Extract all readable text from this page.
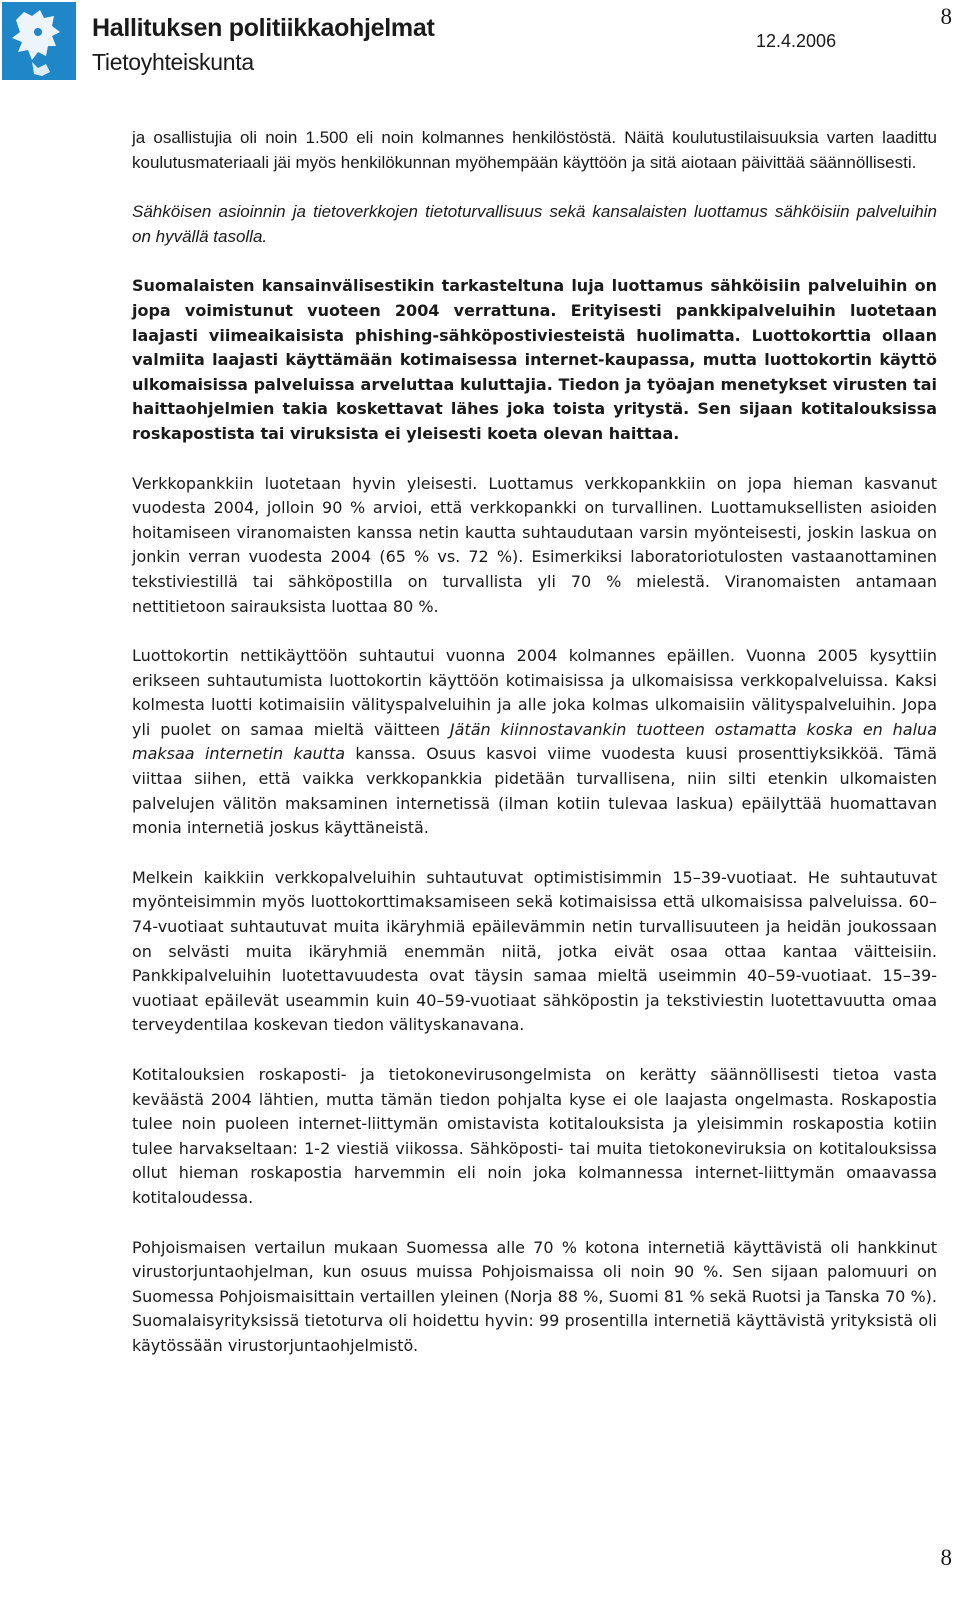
Hallituksen politiikkaohjelmat
Tietoyhteiskunta
12.4.2006
8

ja osallistujia oli noin 1.500 eli noin kolmannes henkilöstöstä. Näitä koulutustilaisuuksia varten laadittu koulutusmateriaali jäi myös henkilökunnan myöhempään käyttöön ja sitä aiotaan päivittää säännöllisesti.

Sähköisen asioinnin ja tietoverkkojen tietoturvallisuus sekä kansalaisten luottamus sähköisiin palveluihin on hyvällä tasolla.

Suomalaisten kansainvälisestikin tarkasteltuna luja luottamus sähköisiin palveluihin on jopa voimistunut vuoteen 2004 verrattuna. Erityisesti pankkipalveluihin luotetaan laajasti viimeaikaisista phishing-sähköpostiviesteistä huolimatta. Luottokorttia ollaan valmiita laajasti käyttämään kotimaisessa internet-kaupassa, mutta luottokortin käyttö ulkomaisissa palveluissa arveluttaa kuluttajia. Tiedon ja työajan menetykset virusten tai haittaohjelmien takia koskettavat lähes joka toista yritystä. Sen sijaan kotitalouksissa roskapostista tai viruksista ei yleisesti koeta olevan haittaa.

Verkkopankkiin luotetaan hyvin yleisesti. Luottamus verkkopankkiin on jopa hieman kasvanut vuodesta 2004, jolloin 90 % arvioi, että verkkopankki on turvallinen. Luottamuksellisten asioiden hoitamiseen viranomaisten kanssa netin kautta suhtaudutaan varsin myönteisesti, joskin laskua on jonkin verran vuodesta 2004 (65 % vs. 72 %). Esimerkiksi laboratoriotulosten vastaanottaminen tekstiviestillä tai sähköpostilla on turvallista yli 70 % mielestä. Viranomaisten antamaan nettitietoon sairauksista luottaa 80 %.

Luottokortin nettikäyttöön suhtautui vuonna 2004 kolmannes epäillen. Vuonna 2005 kysyttiin erikseen suhtautumista luottokortin käyttöön kotimaisissa ja ulkomaisissa verkkopalveluissa. Kaksi kolmesta luotti kotimaisiin välityspalveluihin ja alle joka kolmas ulkomaisiin välityspalveluihin. Jopa yli puolet on samaa mieltä väitteen Jätän kiinnostavankin tuotteen ostamatta koska en halua maksaa internetin kautta kanssa. Osuus kasvoi viime vuodesta kuusi prosenttiyksikköä. Tämä viittaa siihen, että vaikka verkkopankkia pidetään turvallisena, niin silti etenkin ulkomaisten palvelujen välitön maksaminen internetissä (ilman kotiin tulevaa laskua) epäilyttää huomattavan monia internetiä joskus käyttäneistä.

Melkein kaikkiin verkkopalveluihin suhtautuvat optimistisimmin 15–39-vuotiaat. He suhtautuvat myönteisimmin myös luottokorttimaksamiseen sekä kotimaisissa että ulkomaisissa palveluissa. 60–74-vuotiaat suhtautuvat muita ikäryhmiä epäilevämmin netin turvallisuuteen ja heidän joukossaan on selvästi muita ikäryhmiä enemmän niitä, jotka eivät osaa ottaa kantaa väitteisiin. Pankkipalveluihin luotettavuudesta ovat täysin samaa mieltä useimmin 40–59-vuotiaat. 15–39-vuotiaat epäilevät useammin kuin 40–59-vuotiaat sähköpostin ja tekstiviestin luotettavuutta omaa terveydentilaa koskevan tiedon välityskanavana.

Kotitalouksien roskaposti- ja tietokonevirusongelmista on kerätty säännöllisesti tietoa vasta keväästä 2004 lähtien, mutta tämän tiedon pohjalta kyse ei ole laajasta ongelmasta. Roskapostia tulee noin puoleen internet-liittymän omistavista kotitalouksista ja yleisimmin roskapostia kotiin tulee harvakseltaan: 1-2 viestiä viikossa. Sähköposti- tai muita tietokoneviruksia on kotitalouksissa ollut hieman roskapostia harvemmin eli noin joka kolmannessa internet-liittymän omaavassa kotitaloudessa.

Pohjoismaisen vertailun mukaan Suomessa alle 70 % kotona internetiä käyttävistä oli hankkinut virustorjuntaohjelman, kun osuus muissa Pohjoismaissa oli noin 90 %. Sen sijaan palomuuri on Suomessa Pohjoismaisittain vertaillen yleinen (Norja 88 %, Suomi 81 % sekä Ruotsi ja Tanska 70 %). Suomalaisyrityksissä tietoturva oli hoidettu hyvin: 99 prosentilla internetiä käyttävistä yrityksistä oli käytössään virustorjuntaohjelmistö.

8
